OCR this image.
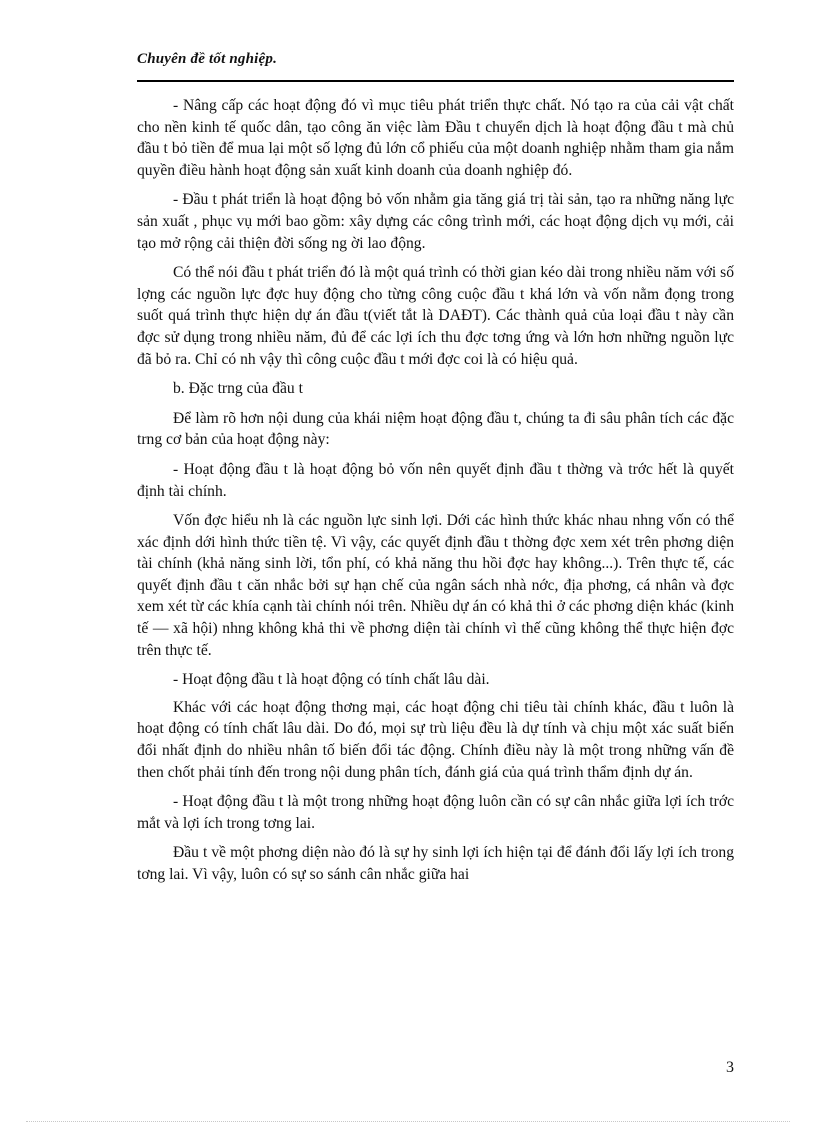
Chuyên đề tốt nghiệp.

- Nâng cấp các hoạt động đó vì mục tiêu phát triển thực chất. Nó tạo ra của cải vật chất cho nền kinh tế quốc dân, tạo công ăn việc làm Đầu t chuyển dịch là hoạt động đầu t mà chủ đầu t bỏ tiền để mua lại một số lợng đủ lớn cổ phiếu của một doanh nghiệp nhằm tham gia nắm quyền điều hành hoạt động sản xuất kinh doanh của doanh nghiệp đó.

- Đầu t phát triển là hoạt động bỏ vốn nhằm gia tăng giá trị tài sản, tạo ra những năng lực sản xuất , phục vụ mới bao gồm: xây dựng các công trình mới, các hoạt động dịch vụ mới, cải tạo mở rộng cải thiện đời sống ng ời lao động.

Có thể nói đầu t phát triển đó là một quá trình có thời gian kéo dài trong nhiều năm với số lợng các nguồn lực đợc huy động cho từng công cuộc đầu t khá lớn và vốn nằm đọng trong suốt quá trình thực hiện dự án đầu t(viết tắt là DAĐT). Các thành quả của loại đầu t này cần đợc sử dụng trong nhiều năm, đủ để các lợi ích thu đợc tơng ứng và lớn hơn những nguồn lực đã bỏ ra. Chỉ có nh vậy thì công cuộc đầu t mới đợc coi là có hiệu quả.

b. Đặc trng của đầu t

Để làm rõ hơn nội dung của khái niệm hoạt động đầu t, chúng ta đi sâu phân tích các đặc trng cơ bản của hoạt động này:

- Hoạt động đầu t là hoạt động bỏ vốn nên quyết định đầu t thờng và trớc hết là quyết định tài chính.

Vốn đợc hiểu nh là các nguồn lực sinh lợi. Dới các hình thức khác nhau nhng vốn có thể xác định dới hình thức tiền tệ. Vì vậy, các quyết định đầu t thờng đợc xem xét trên phơng diện tài chính (khả năng sinh lời, tổn phí, có khả năng thu hồi đợc hay không...). Trên thực tế, các quyết định đầu t căn nhắc bởi sự hạn chế của ngân sách nhà nớc, địa phơng, cá nhân và đợc xem xét từ các khía cạnh tài chính nói trên. Nhiều dự án có khả thi ở các phơng diện khác (kinh tế — xã hội) nhng không khả thi về phơng diện tài chính vì thế cũng không thể thực hiện đợc trên thực tế.

- Hoạt động đầu t là hoạt động có tính chất lâu dài.

Khác với các hoạt động thơng mại, các hoạt động chi tiêu tài chính khác, đầu t luôn là hoạt động có tính chất lâu dài. Do đó, mọi sự trù liệu đều là dự tính và chịu một xác suất biến đổi nhất định do nhiều nhân tố biến đổi tác động. Chính điều này là một trong những vấn đề then chốt phải tính đến trong nội dung phân tích, đánh giá của quá trình thẩm định dự án.

- Hoạt động đầu t là một trong những hoạt động luôn cần có sự cân nhắc giữa lợi ích trớc mắt và lợi ích trong tơng lai.

Đầu t về một phơng diện nào đó là sự hy sinh lợi ích hiện tại để đánh đổi lấy lợi ích trong tơng lai. Vì vậy, luôn có sự so sánh cân nhắc giữa hai

3
